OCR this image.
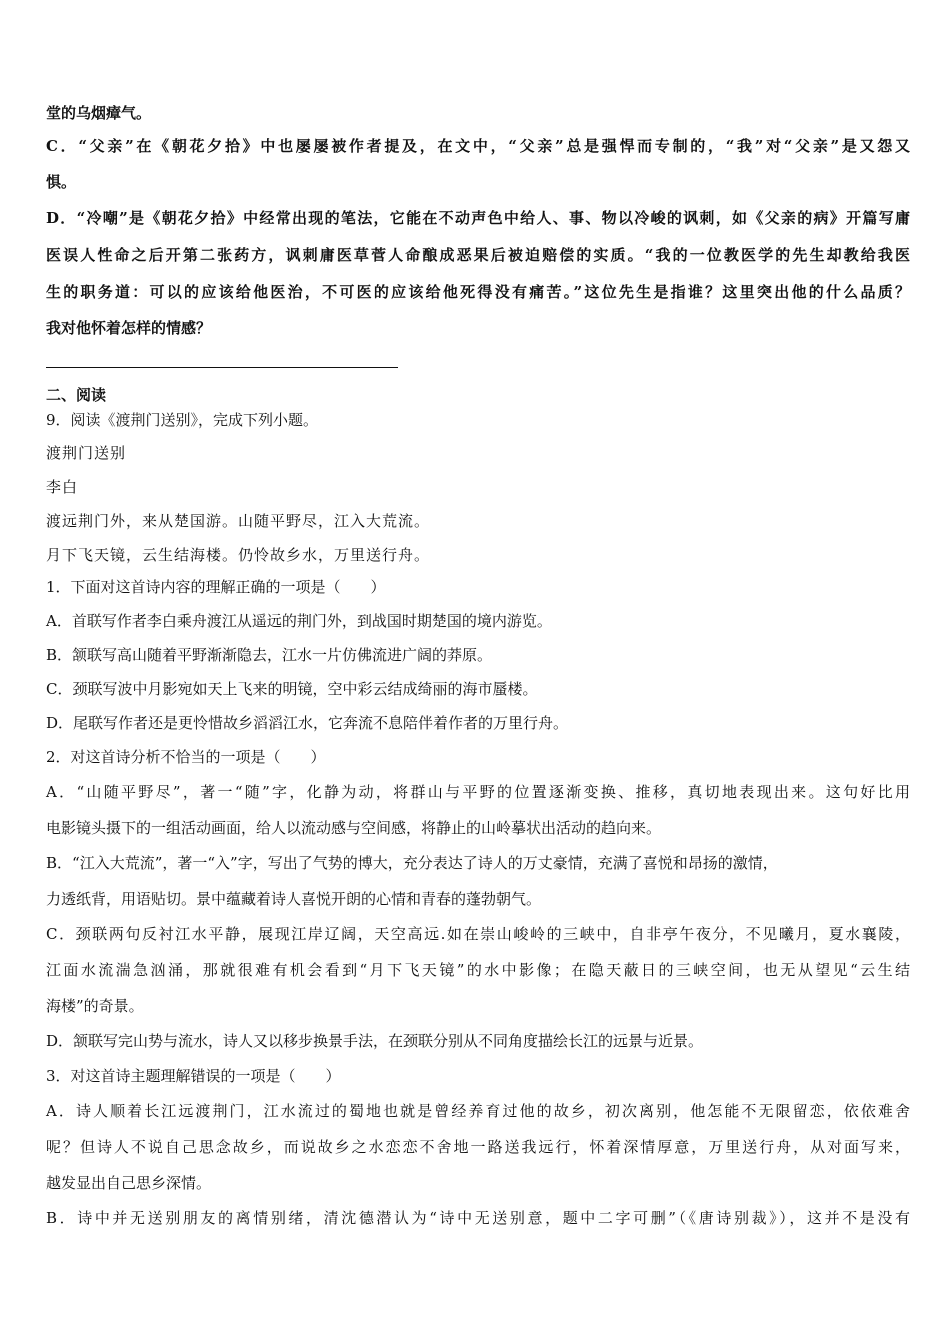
堂的乌烟瘴气。
C．“父亲”在《朝花夕拾》中也屡屡被作者提及，在文中，“父亲”总是强悍而专制的，“我”对“父亲”是又怨又
惧。
D．“冷嘲”是《朝花夕拾》中经常出现的笔法，它能在不动声色中给人、事、物以冷峻的讽刺，如《父亲的病》开篇写庸
医误人性命之后开第二张药方，讽刺庸医草菅人命酿成恶果后被迫赔偿的实质。“我的一位教医学的先生却教给我医
生的职务道：可以的应该给他医治，不可医的应该给他死得没有痛苦。”这位先生是指谁？这里突出他的什么品质？
我对他怀着怎样的情感？
二、阅读
9．阅读《渡荆门送别》，完成下列小题。
渡荆门送别
李白
渡远荆门外，来从楚国游。山随平野尽，江入大荒流。
月下飞天镜，云生结海楼。仍怜故乡水，万里送行舟。
1．下面对这首诗内容的理解正确的一项是（　　）
A．首联写作者李白乘舟渡江从遥远的荆门外，到战国时期楚国的境内游览。
B．颔联写高山随着平野渐渐隐去，江水一片仿佛流进广阔的莽原。
C．颈联写波中月影宛如天上飞来的明镜，空中彩云结成绮丽的海市蜃楼。
D．尾联写作者还是更怜惜故乡滔滔江水，它奔流不息陪伴着作者的万里行舟。
2．对这首诗分析不恰当的一项是（　　）
A．“山随平野尽”，著一“随”字，化静为动，将群山与平野的位置逐渐变换、推移，真切地表现出来。这句好比用
电影镜头摄下的一组活动画面，给人以流动感与空间感，将静止的山岭摹状出活动的趋向来。
B．“江入大荒流”，著一“入”字，写出了气势的博大，充分表达了诗人的万丈豪情，充满了喜悦和昂扬的激情，
力透纸背，用语贴切。景中蕴藏着诗人喜悦开朗的心情和青春的蓬勃朝气。
C．颈联两句反衬江水平静，展现江岸辽阔，天空高远.如在崇山峻岭的三峡中，自非亭午夜分，不见曦月，夏水襄陵，
江面水流湍急汹涌，那就很难有机会看到“月下飞天镜”的水中影像；在隐天蔽日的三峡空间，也无从望见“云生结
海楼”的奇景。
D．颔联写完山势与流水，诗人又以移步换景手法，在颈联分别从不同角度描绘长江的远景与近景。
3．对这首诗主题理解错误的一项是（　　）
A．诗人顺着长江远渡荆门，江水流过的蜀地也就是曾经养育过他的故乡，初次离别，他怎能不无限留恋，依依难舍
呢？但诗人不说自己思念故乡，而说故乡之水恋恋不舍地一路送我远行，怀着深情厚意，万里送行舟，从对面写来，
越发显出自己思乡深情。
B．诗中并无送别朋友的离情别绪，清沈德潜认为“诗中无送别意，题中二字可删”（《唐诗别裁》），这并不是没有
